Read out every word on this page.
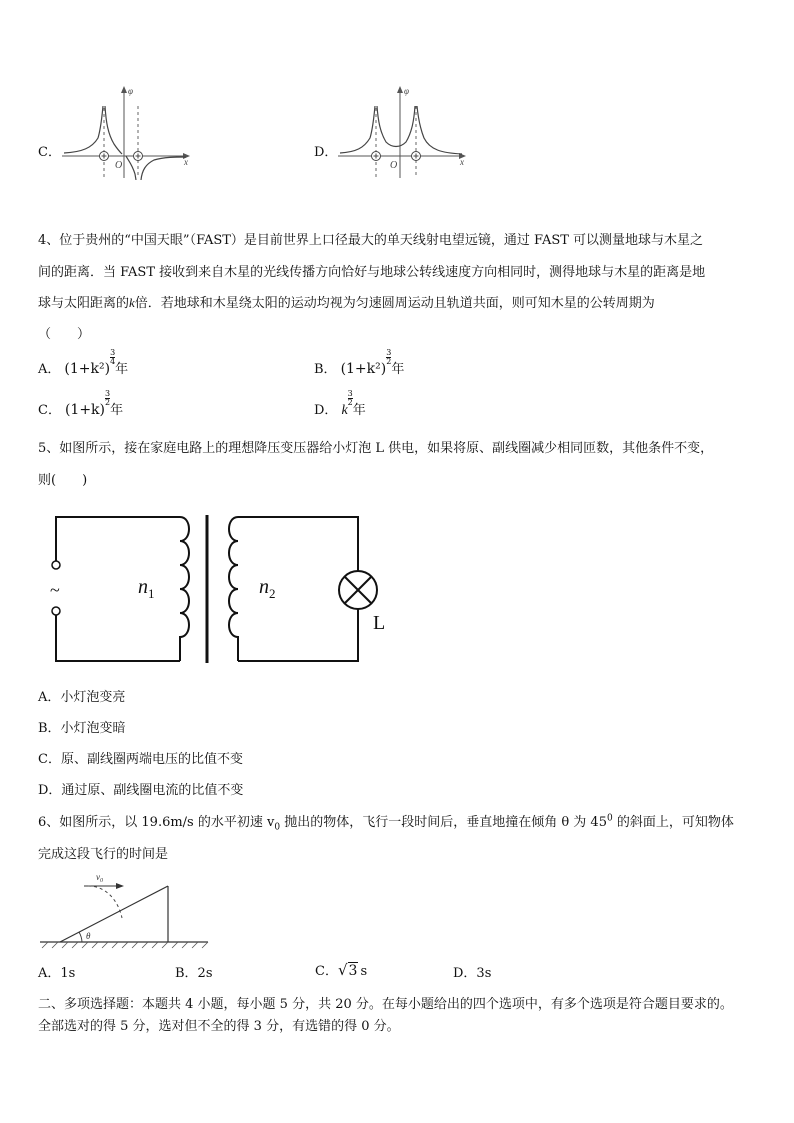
C．
φ
O	x
D．
φ
O	x
4、位于贵州的“中国天眼”（FAST）是目前世界上口径最大的单天线射电望远镜，通过 FAST 可以测量地球与木星之
间的距离．当 FAST 接收到来自木星的光线传播方向恰好与地球公转线速度方向相同时，测得地球与木星的距离是地
球与太阳距离的k倍．若地球和木星绕太阳的运动均视为匀速圆周运动且轨道共面，则可知木星的公转周期为
（　　）
A． (1+k²)
$\frac{3}{4}$
年	B． (1+k²)
$\frac{3}{2}$
年
C． (1+k)
$\frac{3}{2}$
年	D． k
$\frac{3}{2}$
年
5、如图所示，接在家庭电路上的理想降压变压器给小灯泡 L 供电，如果将原、副线圈减少相同匝数，其他条件不变，
则(　　)
~
L
$n_1$	$n_2$
A．小灯泡变亮
B．小灯泡变暗
C．原、副线圈两端电压的比值不变
D．通过原、副线圈电流的比值不变
6、如图所示，以 19.6m/s 的水平初速 $v_0$ 抛出的物体，飞行一段时间后，垂直地撞在倾角 θ 为 $45^0$ 的斜面上，可知物体
完成这段飞行的时间是
θ
$v_0$
A．1s	B．2s	C．√3 s	D．3s
二、多项选择题：本题共 4 小题，每小题 5 分，共 20 分。在每小题给出的四个选项中，有多个选项是符合题目要求的。
全部选对的得 5 分，选对但不全的得 3 分，有选错的得 0 分。
